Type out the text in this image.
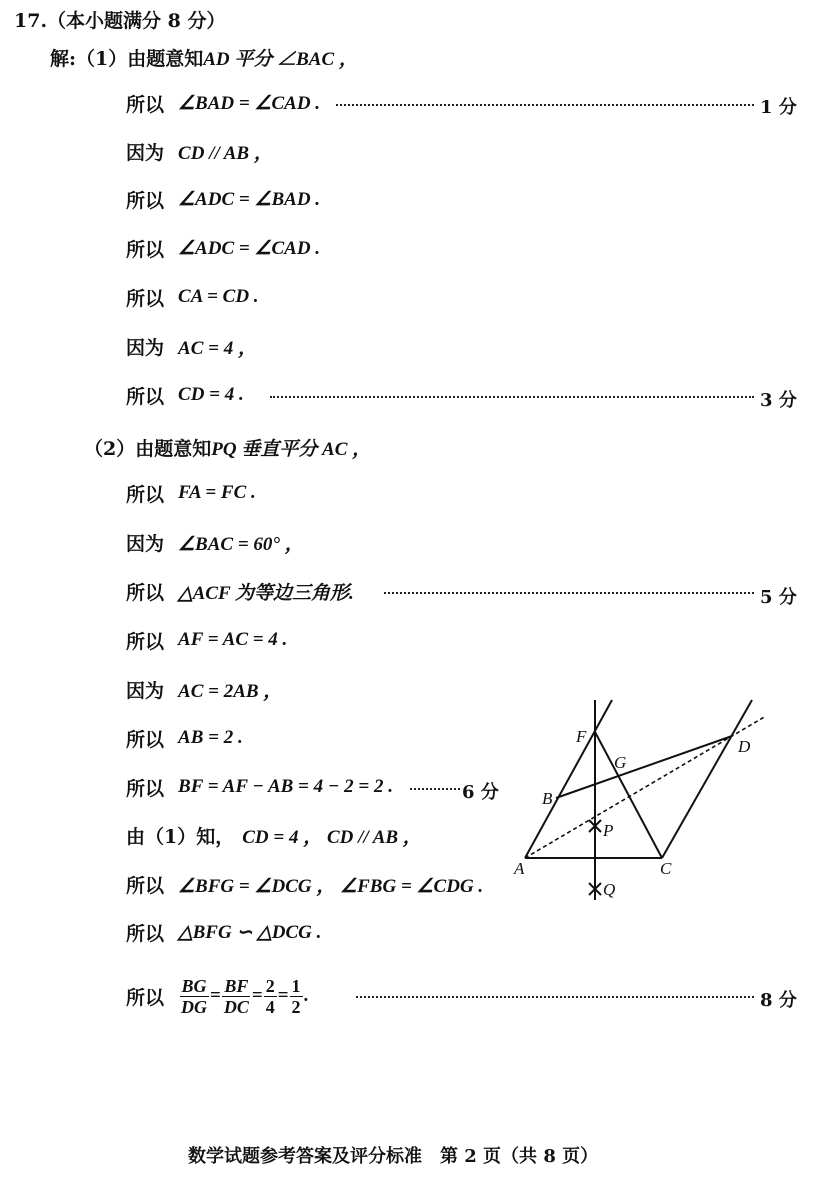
17.（本小题满分 8 分）
解:（1）由题意知AD 平分 ∠BAC ，
所以 ∠BAD = ∠CAD .	1 分
因为 CD // AB ，
所以 ∠ADC = ∠BAD .
所以 ∠ADC = ∠CAD .
所以 CA = CD .
因为 AC = 4 ，
所以 CD = 4 .	3 分
（2）由题意知PQ 垂直平分 AC ，
所以 FA = FC .
因为 ∠BAC = 60° ，
所以 △ACF 为等边三角形.	5 分
所以 AF = AC = 4 .
因为 AC = 2AB ，
所以 AB = 2 .
所以 BF = AF − AB = 4 − 2 = 2 .	6 分
由（1）知， CD = 4 ， CD // AB ，
所以 ∠BFG = ∠DCG ， ∠FBG = ∠CDG .
所以 △BFG ∽ △DCG .
所以 $\frac{BG}{DG} = \frac{BF}{DC} = \frac{2}{4} = \frac{1}{2}$ .	8 分
F
G
D
B
P
A	C
Q
数学试题参考答案及评分标准　第 2 页（共 8 页）
